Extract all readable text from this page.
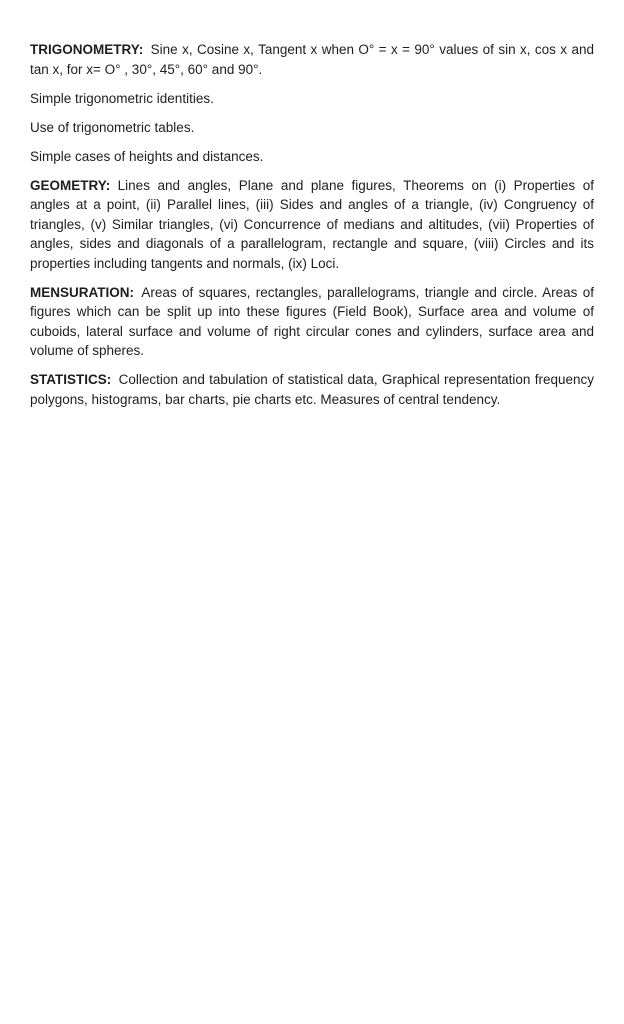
TRIGONOMETRY: Sine x, Cosine x, Tangent x when O° = x = 90° values of sin x, cos x and tan x, for x= O° , 30°, 45°, 60° and 90°.

Simple trigonometric identities.

Use of trigonometric tables.

Simple cases of heights and distances.

GEOMETRY: Lines and angles, Plane and plane figures, Theorems on (i) Properties of angles at a point, (ii) Parallel lines, (iii) Sides and angles of a triangle, (iv) Congruency of triangles, (v) Similar triangles, (vi) Concurrence of medians and altitudes, (vii) Properties of angles, sides and diagonals of a parallelogram, rectangle and square, (viii) Circles and its properties including tangents and normals, (ix) Loci.

MENSURATION: Areas of squares, rectangles, parallelograms, triangle and circle. Areas of figures which can be split up into these figures (Field Book), Surface area and volume of cuboids, lateral surface and volume of right circular cones and cylinders, surface area and volume of spheres.

STATISTICS: Collection and tabulation of statistical data, Graphical representation frequency polygons, histograms, bar charts, pie charts etc. Measures of central tendency.
